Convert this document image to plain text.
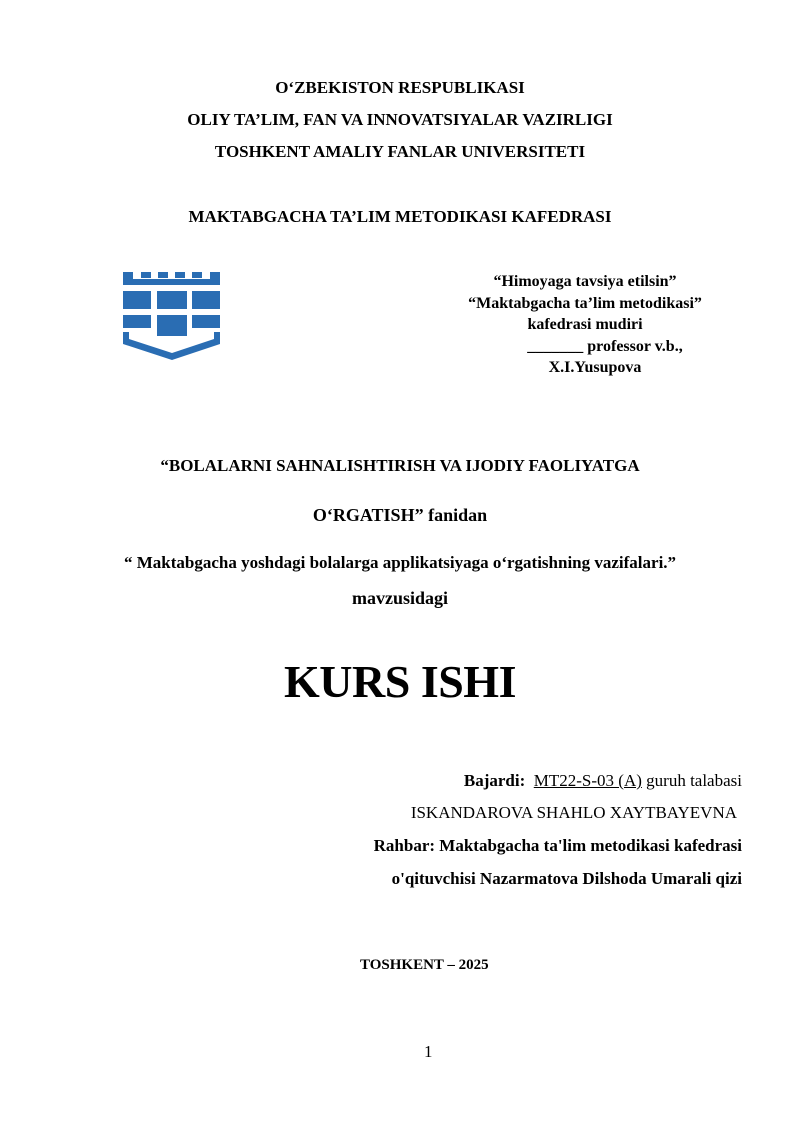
O‘ZBEKISTON RESPUBLIKASI
OLIY TA’LIM, FAN VA INNOVATSIYALAR VAZIRLIGI
TOSHKENT AMALIY FANLAR UNIVERSITETI
MAKTABGACHA TA’LIM METODIKASI KAFEDRASI
“Himoyaga tavsiya etilsin”
“Maktabgacha ta’lim metodikasi”
kafedrasi mudiri
_______ professor v.b.,
X.I.Yusupova
“BOLALARNI SAHNALISHTIRISH VA IJODIY FAOLIYATGA
O‘RGATISH” fanidan
“ Maktabgacha yoshdagi bolalarga applikatsiyaga o‘rgatishning vazifalari.”
mavzusidagi
KURS ISHI
Bajardi: MT22-S-03 (A) guruh talabasi
ISKANDAROVA SHAHLO XAYTBAYEVNA
Rahbar: Maktabgacha ta'lim metodikasi kafedrasi
o'qituvchisi Nazarmatova Dilshoda Umarali qizi
TOSHKENT – 2025
1
